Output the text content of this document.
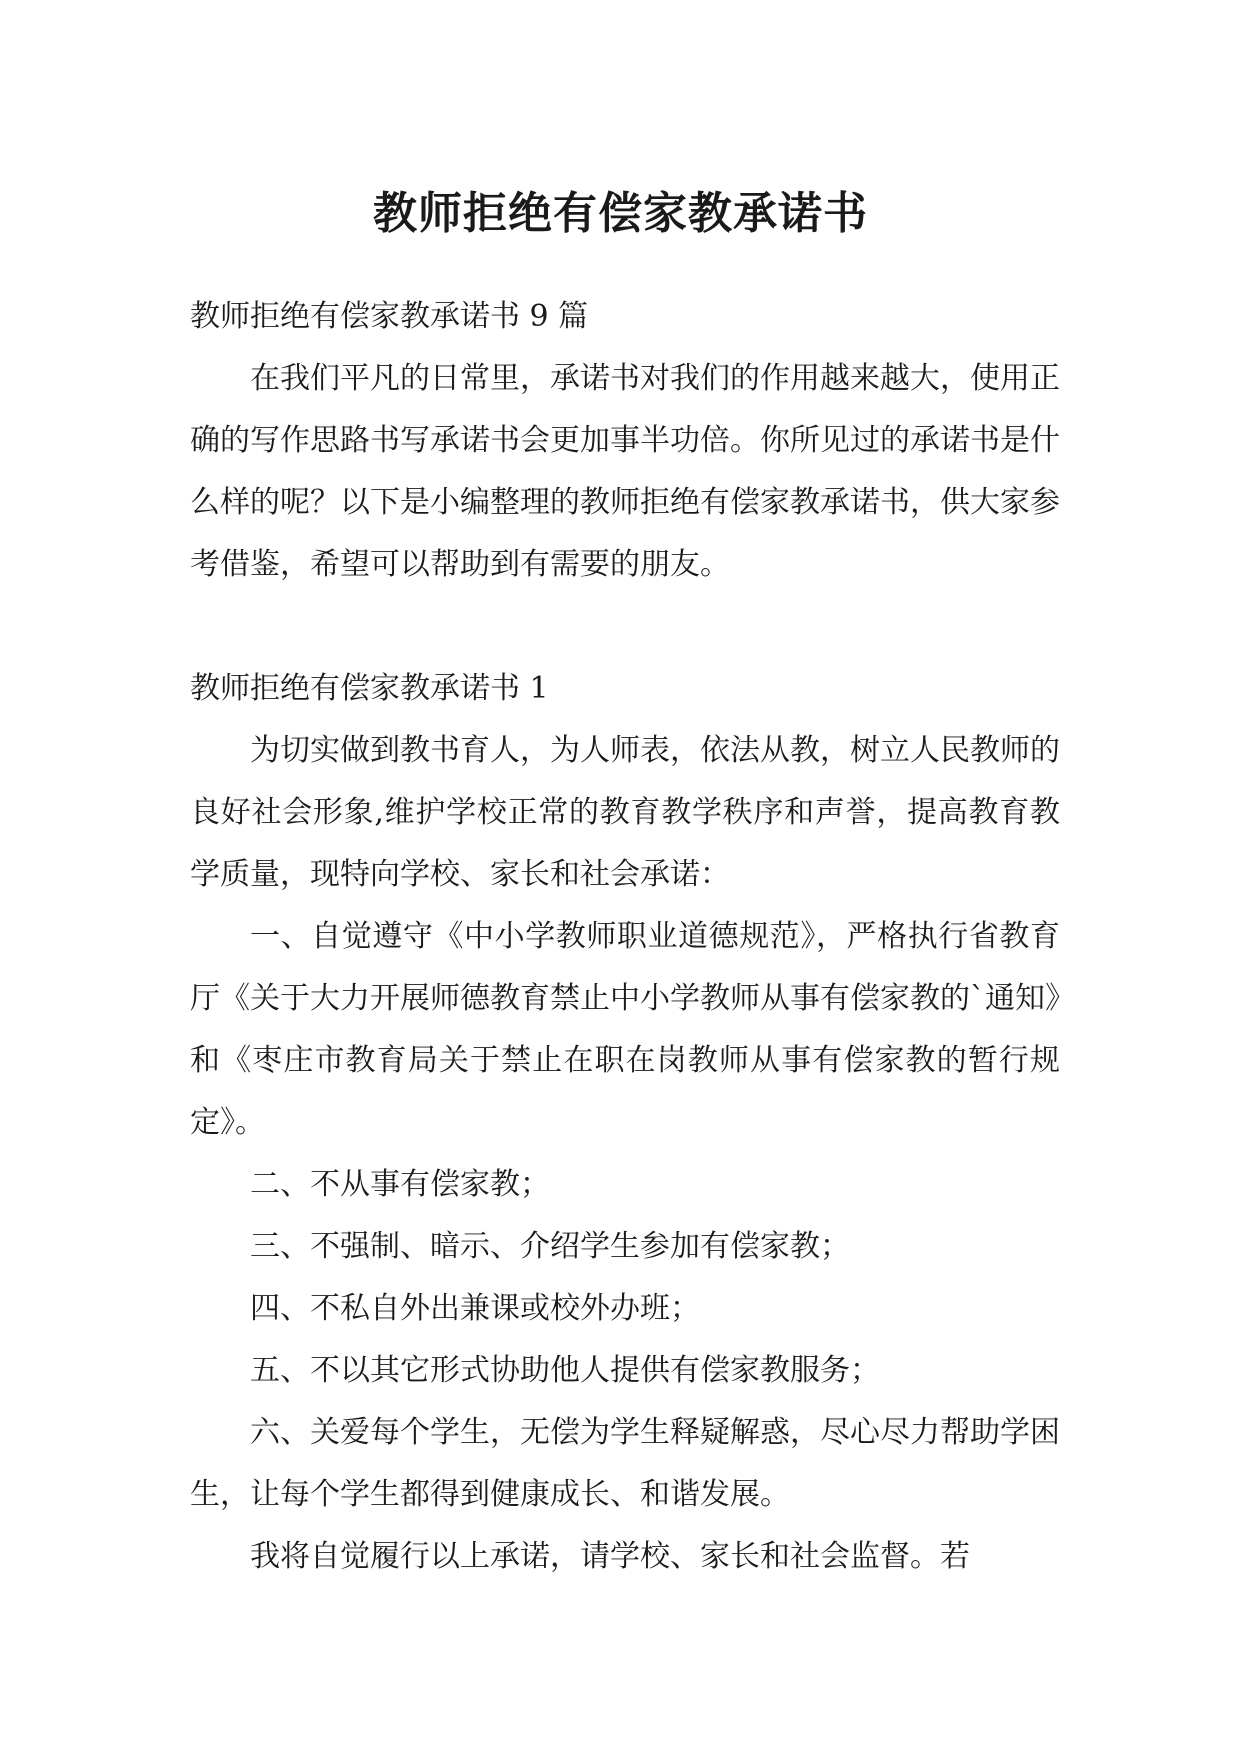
教师拒绝有偿家教承诺书

教师拒绝有偿家教承诺书 9 篇

在我们平凡的日常里，承诺书对我们的作用越来越大，使用正确的写作思路书写承诺书会更加事半功倍。你所见过的承诺书是什么样的呢？以下是小编整理的教师拒绝有偿家教承诺书，供大家参考借鉴，希望可以帮助到有需要的朋友。

教师拒绝有偿家教承诺书 1

为切实做到教书育人，为人师表，依法从教，树立人民教师的良好社会形象,维护学校正常的教育教学秩序和声誉，提高教育教学质量，现特向学校、家长和社会承诺：

一、自觉遵守《中小学教师职业道德规范》，严格执行省教育厅《关于大力开展师德教育禁止中小学教师从事有偿家教的`通知》和《枣庄市教育局关于禁止在职在岗教师从事有偿家教的暂行规定》。

二、不从事有偿家教；

三、不强制、暗示、介绍学生参加有偿家教；

四、不私自外出兼课或校外办班；

五、不以其它形式协助他人提供有偿家教服务；

六、关爱每个学生，无偿为学生释疑解惑，尽心尽力帮助学困生，让每个学生都得到健康成长、和谐发展。

我将自觉履行以上承诺，请学校、家长和社会监督。若
